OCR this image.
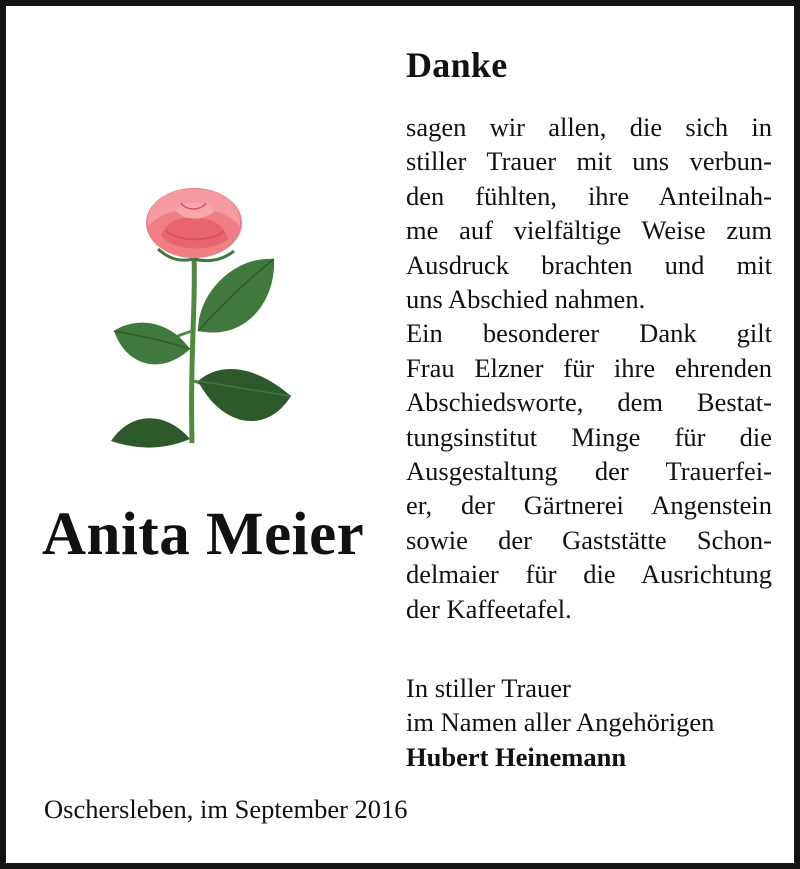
Danke
sagen wir allen, die sich in
stiller Trauer mit uns verbun-
den fühlten, ihre Anteilnah-
me auf vielfältige Weise zum
Ausdruck brachten und mit
uns Abschied nahmen.
Ein besonderer Dank gilt
Frau Elzner für ihre ehrenden
Abschiedsworte, dem Bestat-
tungsinstitut Minge für die
Ausgestaltung der Trauerfei-
er, der Gärtnerei Angenstein
sowie der Gaststätte Schon-
delmaier für die Ausrichtung
der Kaffeetafel.
In stiller Trauer
im Namen aller Angehörigen
Hubert Heinemann
Anita Meier
Oschersleben, im September 2016
